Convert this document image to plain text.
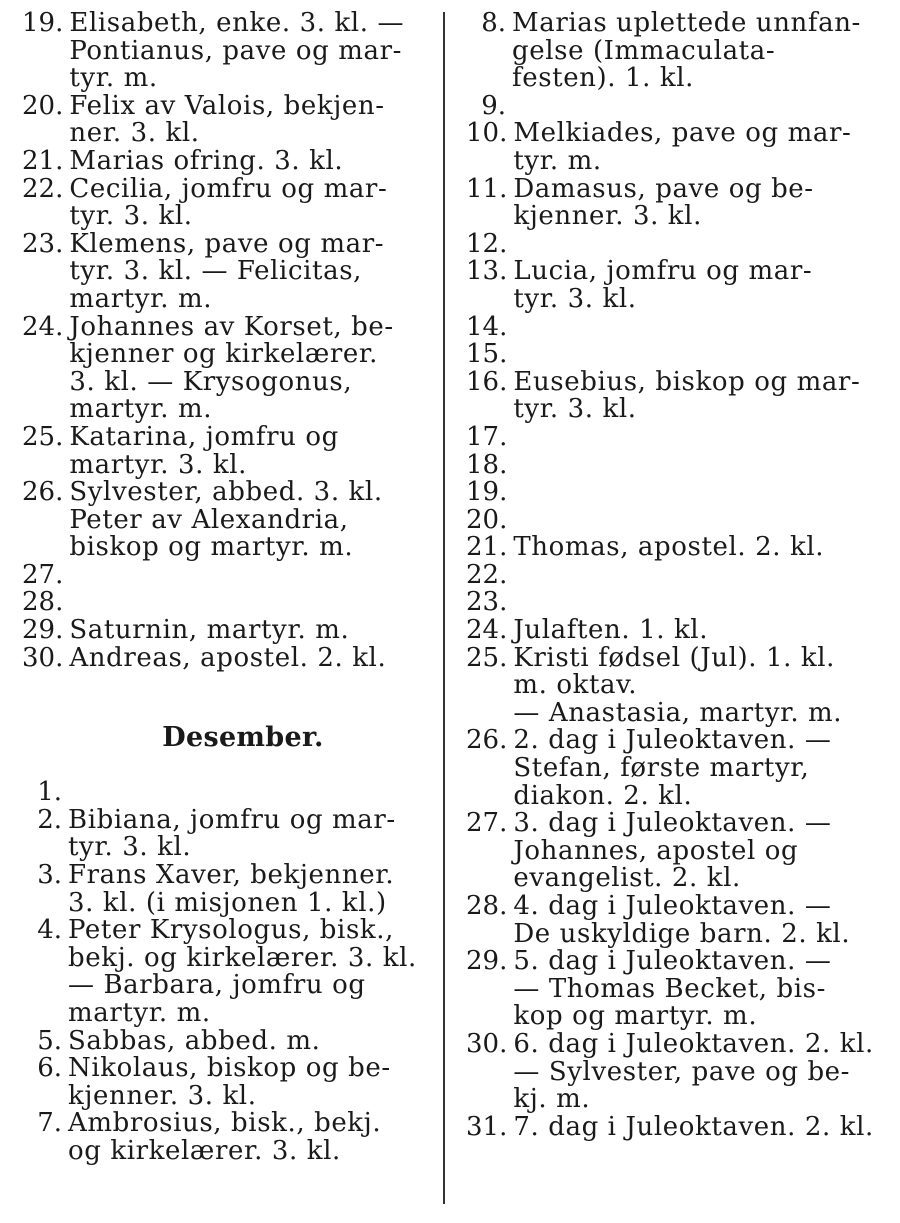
19. Elisabeth, enke. 3. kl. —
Pontianus, pave og mar-
tyr. m.
20. Felix av Valois, bekjen-
ner. 3. kl.
21. Marias ofring. 3. kl.
22. Cecilia, jomfru og mar-
tyr. 3. kl.
23. Klemens, pave og mar-
tyr. 3. kl. — Felicitas,
martyr. m.
24. Johannes av Korset, be-
kjenner og kirkelærer.
3. kl. — Krysogonus,
martyr. m.
25. Katarina, jomfru og
martyr. 3. kl.
26. Sylvester, abbed. 3. kl.
Peter av Alexandria,
biskop og martyr. m.
27.

28.

29. Saturnin, martyr. m.
30. Andreas, apostel. 2. kl.
Desember.
1.

2. Bibiana, jomfru og mar-
tyr. 3. kl.
3. Frans Xaver, bekjenner.
3. kl. (i misjonen 1. kl.)
4. Peter Krysologus, bisk.,
bekj. og kirkelærer. 3. kl.
— Barbara, jomfru og
martyr. m.
5. Sabbas, abbed. m.
6. Nikolaus, biskop og be-
kjenner. 3. kl.
7. Ambrosius, bisk., bekj.
og kirkelærer. 3. kl.
8. Marias uplettede unnfan-
gelse (Immaculata-
festen). 1. kl.
9.

10. Melkiades, pave og mar-
tyr. m.
11. Damasus, pave og be-
kjenner. 3. kl.
12.

13. Lucia, jomfru og mar-
tyr. 3. kl.
14.

15.

16. Eusebius, biskop og mar-
tyr. 3. kl.
17.

18.

19.

20.

21. Thomas, apostel. 2. kl.
22.

23.

24. Julaften. 1. kl.
25. Kristi fødsel (Jul). 1. kl.
m. oktav.
— Anastasia, martyr. m.
26. 2. dag i Juleoktaven. —
Stefan, første martyr,
diakon. 2. kl.
27. 3. dag i Juleoktaven. —
Johannes, apostel og
evangelist. 2. kl.
28. 4. dag i Juleoktaven. —
De uskyldige barn. 2. kl.
29. 5. dag i Juleoktaven. —
— Thomas Becket, bis-
kop og martyr. m.
30. 6. dag i Juleoktaven. 2. kl.
— Sylvester, pave og be-
kj. m.
31. 7. dag i Juleoktaven. 2. kl.
